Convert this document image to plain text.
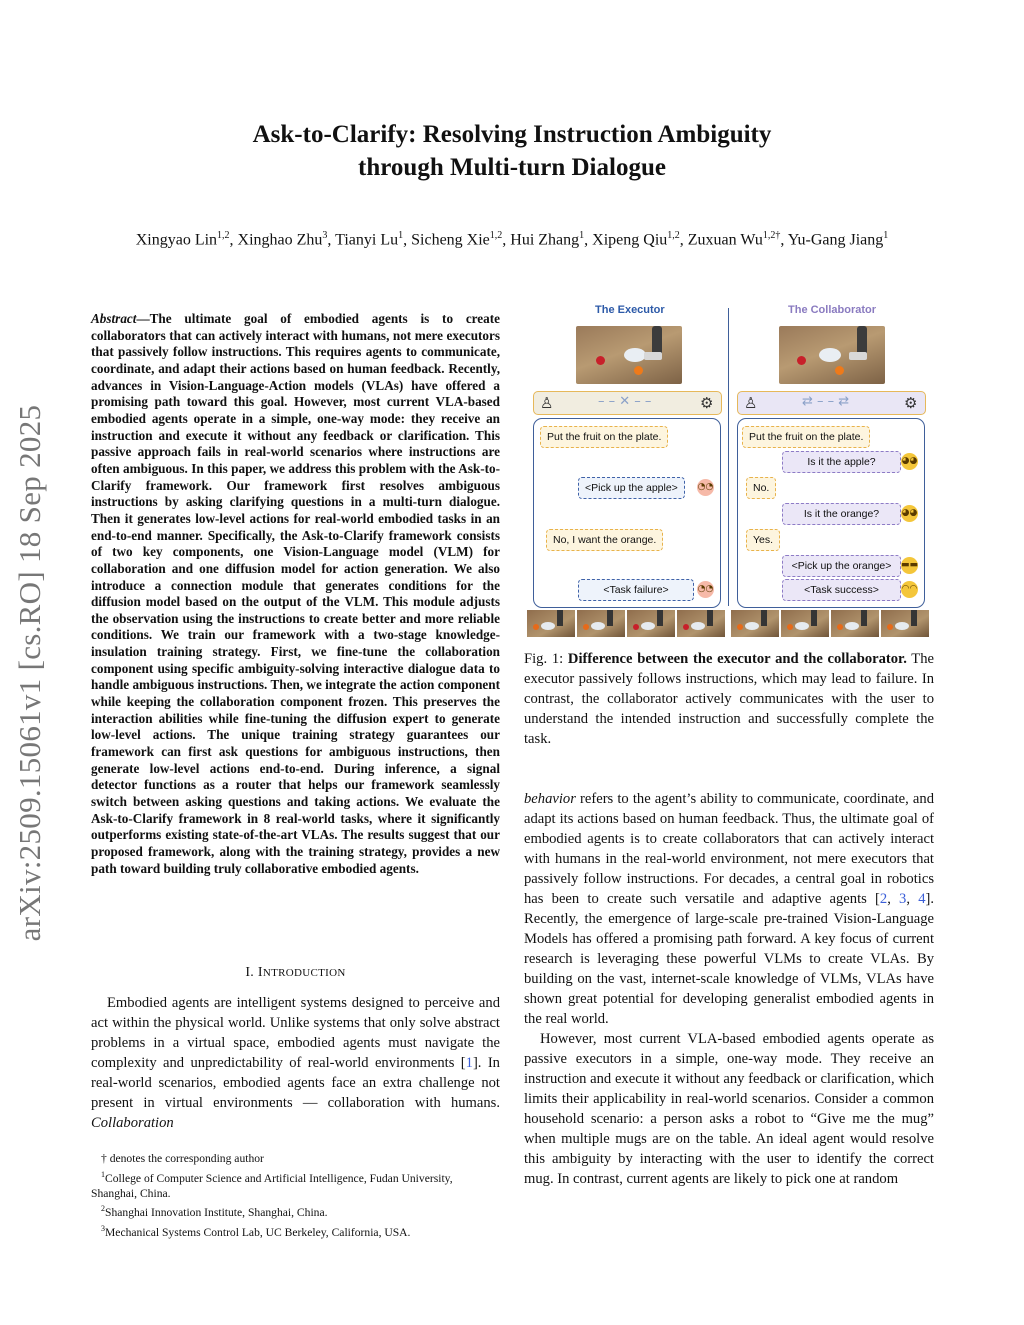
arXiv:2509.15061v1 [cs.RO] 18 Sep 2025
Ask-to-Clarify: Resolving Instruction Ambiguity
through Multi-turn Dialogue
Xingyao Lin$^{1,2}$, Xinghao Zhu$^3$, Tianyi Lu$^1$, Sicheng Xie$^{1,2}$, Hui Zhang$^1$, Xipeng Qiu$^{1,2}$, Zuxuan $Wu^{1,2\dagger}$, Yu-Gang Jiang$^1$
Abstract—The ultimate goal of embodied agents is to create collaborators that can actively interact with humans, not mere executors that passively follow instructions. This requires agents to communicate, coordinate, and adapt their actions based on human feedback. Recently, advances in Vision-Language-Action models (VLAs) have offered a promising path toward this goal. However, most current VLA-based embodied agents operate in a simple, one-way mode: they receive an instruction and execute it without any feedback or clarification. This passive approach fails in real-world scenarios where instructions are often ambiguous. In this paper, we address this problem with the Ask-to-Clarify framework. Our framework first resolves ambiguous instructions by asking clarifying questions in a multi-turn dialogue. Then it generates low-level actions for real-world embodied tasks in an end-to-end manner. Specifically, the Ask-to-Clarify framework consists of two key components, one Vision-Language model (VLM) for collaboration and one diffusion model for action generation. We also introduce a connection module that generates conditions for the diffusion model based on the output of the VLM. This module adjusts the observation using the instructions to create better and more reliable conditions. We train our framework with a two-stage knowledge-insulation training strategy. First, we fine-tune the collaboration component using specific ambiguity-solving interactive dialogue data to handle ambiguous instructions. Then, we integrate the action component while keeping the collaboration component frozen. This preserves the interaction abilities while fine-tuning the diffusion expert to generate low-level actions. The unique training strategy guarantees our framework can first ask questions for ambiguous instructions, then generate low-level actions end-to-end. During inference, a signal detector functions as a router that helps our framework seamlessly switch between asking questions and taking actions. We evaluate the Ask-to-Clarify framework in 8 real-world tasks, where it significantly outperforms existing state-of-the-art VLAs. The results suggest that our proposed framework, along with the training strategy, provides a new path toward building truly collaborative embodied agents.
I. INTRODUCTION

Embodied agents are intelligent systems designed to perceive and act within the physical world. Unlike systems that only solve abstract problems in a virtual space, embodied agents must navigate the complexity and unpredictability of real-world environments [1]. In real-world scenarios, embodied agents face an extra challenge not present in virtual environments — collaboration with humans. Collaboration

† denotes the corresponding author
$^1$College of Computer Science and Artificial Intelligence, Fudan University, Shanghai, China.
$^2$Shanghai Innovation Institute, Shanghai, China.
$^3$Mechanical Systems Control Lab, UC Berkeley, California, USA.
The Executor	The Collaborator
♙	– – ✕ – –	⚙ ♙	⇄ – – ⇄	⚙
Put the fruit on the plate.
<Pick up the apple>	◔◔
No, I want the orange.
<Task failure>	◔◔
Put the fruit on the plate.
Is it the apple?	◕◕
No.
Is it the orange?	◕◕
Yes.
<Pick up the orange>	▬▬
<Task success>	◠◠
Fig. 1: Difference between the executor and the collaborator. The executor passively follows instructions, which may lead to failure. In contrast, the collaborator actively communicates with the user to understand the intended instruction and successfully complete the task.

behavior refers to the agent’s ability to communicate, coordinate, and adapt its actions based on human feedback. Thus, the ultimate goal of embodied agents is to create collaborators that can actively interact with humans in the real-world environment, not mere executors that passively follow instructions. For decades, a central goal in robotics has been to create such versatile and adaptive agents [2, 3, 4]. Recently, the emergence of large-scale pre-trained Vision-Language Models has offered a promising path forward. A key focus of current research is leveraging these powerful VLMs to create VLAs. By building on the vast, internet-scale knowledge of VLMs, VLAs have shown great potential for developing generalist embodied agents in the real world.

However, most current VLA-based embodied agents operate as passive executors in a simple, one-way mode. They receive an instruction and execute it without any feedback or clarification, which limits their applicability in real-world scenarios. Consider a common household scenario: a person asks a robot to “Give me the mug” when multiple mugs are on the table. An ideal agent would resolve this ambiguity by interacting with the user to identify the correct mug. In contrast, current agents are likely to pick one at random
